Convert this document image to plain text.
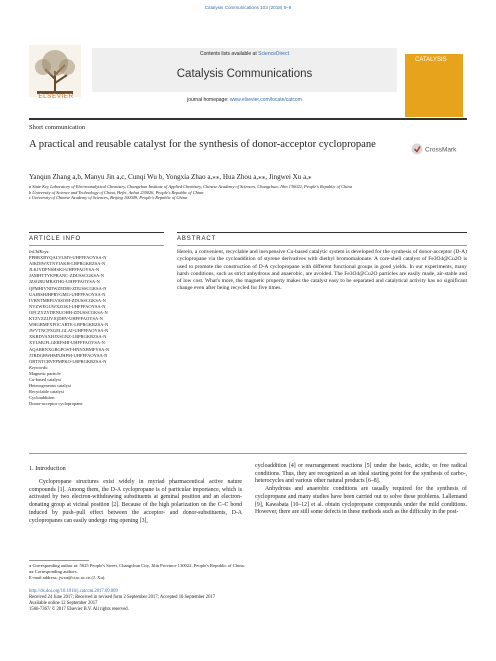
Catalysis Communications 103 (2018) 5–9
ELSEVIER
Contents lists available at ScienceDirect
Catalysis Communications
journal homepage: www.elsevier.com/locate/catcom
CATALYSIS
Short communication
A practical and reusable catalyst for the synthesis of donor-acceptor cyclopropane	CrossMark
Yanqun Zhang a,b, Manyu Jin a,c, Cunqi Wu b, Yongxia Zhao a,⁎⁎, Hua Zhou a,⁎⁎, Jingwei Xu a,⁎

a State Key Laboratory of Electroanalytical Chemistry, Changchun Institute of Applied Chemistry, Chinese Academy of Sciences, Changchun, Jilin 130022, People's Republic of China

b University of Science and Technology of China, Hefei, Anhui 230026, People's Republic of China

c University of Chinese Academy of Sciences, Beijing 100049, People's Republic of China

ARTICLE INFO
InChIKeys:
PPBRXRYQALVLMV-UHFFFAOYSA-N
AIKDIWXTNYIAKH-LBPRGKRZSA-N
JLKJYDPNSHSKI-UHFFFAOYSA-N
JAMHTTYKPRANC-ZDUSSCGKSA-N
JZSGRUMBATHG-UHFFFAOYSA-N
QPMHIVNDWZEDRI-ZDUSSCGKSA-N
UAJRSHJHPRVGMG-UHFFFAOYSA-N
IVBNTMRFLVSSOM-ZDUSSCGKSA-N
NVZWEGUWXZOKI-UHFFFAOYSA-N
OPCZYZYDENUOHH-ZDUSSCGKSA-N
KTZVZZJJVJQDHV-UHFFFAOYSA-N
WHGBMFXPOCARTE-LBPRGKRZSA-N
JWVTNCPXGELGLAT-UHFFFAOYSA-N
XKBDVAXHJXSGNZ-LBPRGKRZSA-N
XYLMUFLGERFSHI-UHFFFAOYSA-N
AQABRNXGBGPOST-HNNXBMFYSA-N
JTRDGRWHMNJHPM-UHFFFAOYSA-N
OBTNTCRVFPMPKO-LBPRGKRZSA-N
Keywords:
Magnetic particle
Cu-based catalyst
Heterogeneous catalyst
Recyclable catalyst
Cycloaddition
Donor-acceptor cyclopropane
ABSTRACT
Herein, a convenient, recyclable and inexpensive Cu-based catalytic system is developed for the synthesis of donor-acceptor (D-A) cyclopropane via the cycloaddition of styrene derivatives with diethyl bromomalonate. A core-shell catalyst of Fe3O4@Cu2O is used to promote the construction of D-A cyclopropane with different functional groups in good yields. In our experiments, many harsh conditions, such as strict anhydrous and anaerobic, are avoided. The Fe3O4@Cu2O particles are easily made, air-stable and of low cost. What's more, the magnetic property makes the catalyst easy to be separated and catalytical activity has no significant change even after being recycled for five times.
1. Introduction
Cyclopropane structures exist widely in myriad pharmaceutical active nature compounds [1]. Among them, the D-A cyclopropane is of particular importance, which is activated by two electron-withdrawing substituents at geminal position and an electron-donating group at vicinal position [2]. Because of the high polarization on the C–C bond induced by push–pull effect between the acceptor- and donor-substituents, D-A cyclopropanes can easily undergo ring opening [3],

cycloaddition [4] or rearrangement reactions [5] under the basic, acidic, or free radical conditions. Thus, they are recognized as an ideal starting point for the synthesis of carbo-, heterocycles and various other natural products [6–8].

Anhydrous and anaerobic conditions are usually required for the synthesis of cyclopropane and many studies have been carried out to solve these problems. Lallemand [9], Kawabata [10–12] et al. obtain cyclopropane compounds under the mild conditions. However, there are still some defects in these methods such as the difficulty in the post-

⁎ Corresponding author at: 5625 People's Street, Changchun City, Jilin Province 130022, People's Republic of China.

⁎⁎ Corresponding authors.

E-mail address: jwxu@ciac.ac.cn (J. Xu).

http://dx.doi.org/10.1016/j.catcom.2017.09.009

Received 24 June 2017; Received in revised form 2 September 2017; Accepted 10 September 2017

Available online 12 September 2017

1566-7367/ © 2017 Elsevier B.V. All rights reserved.
